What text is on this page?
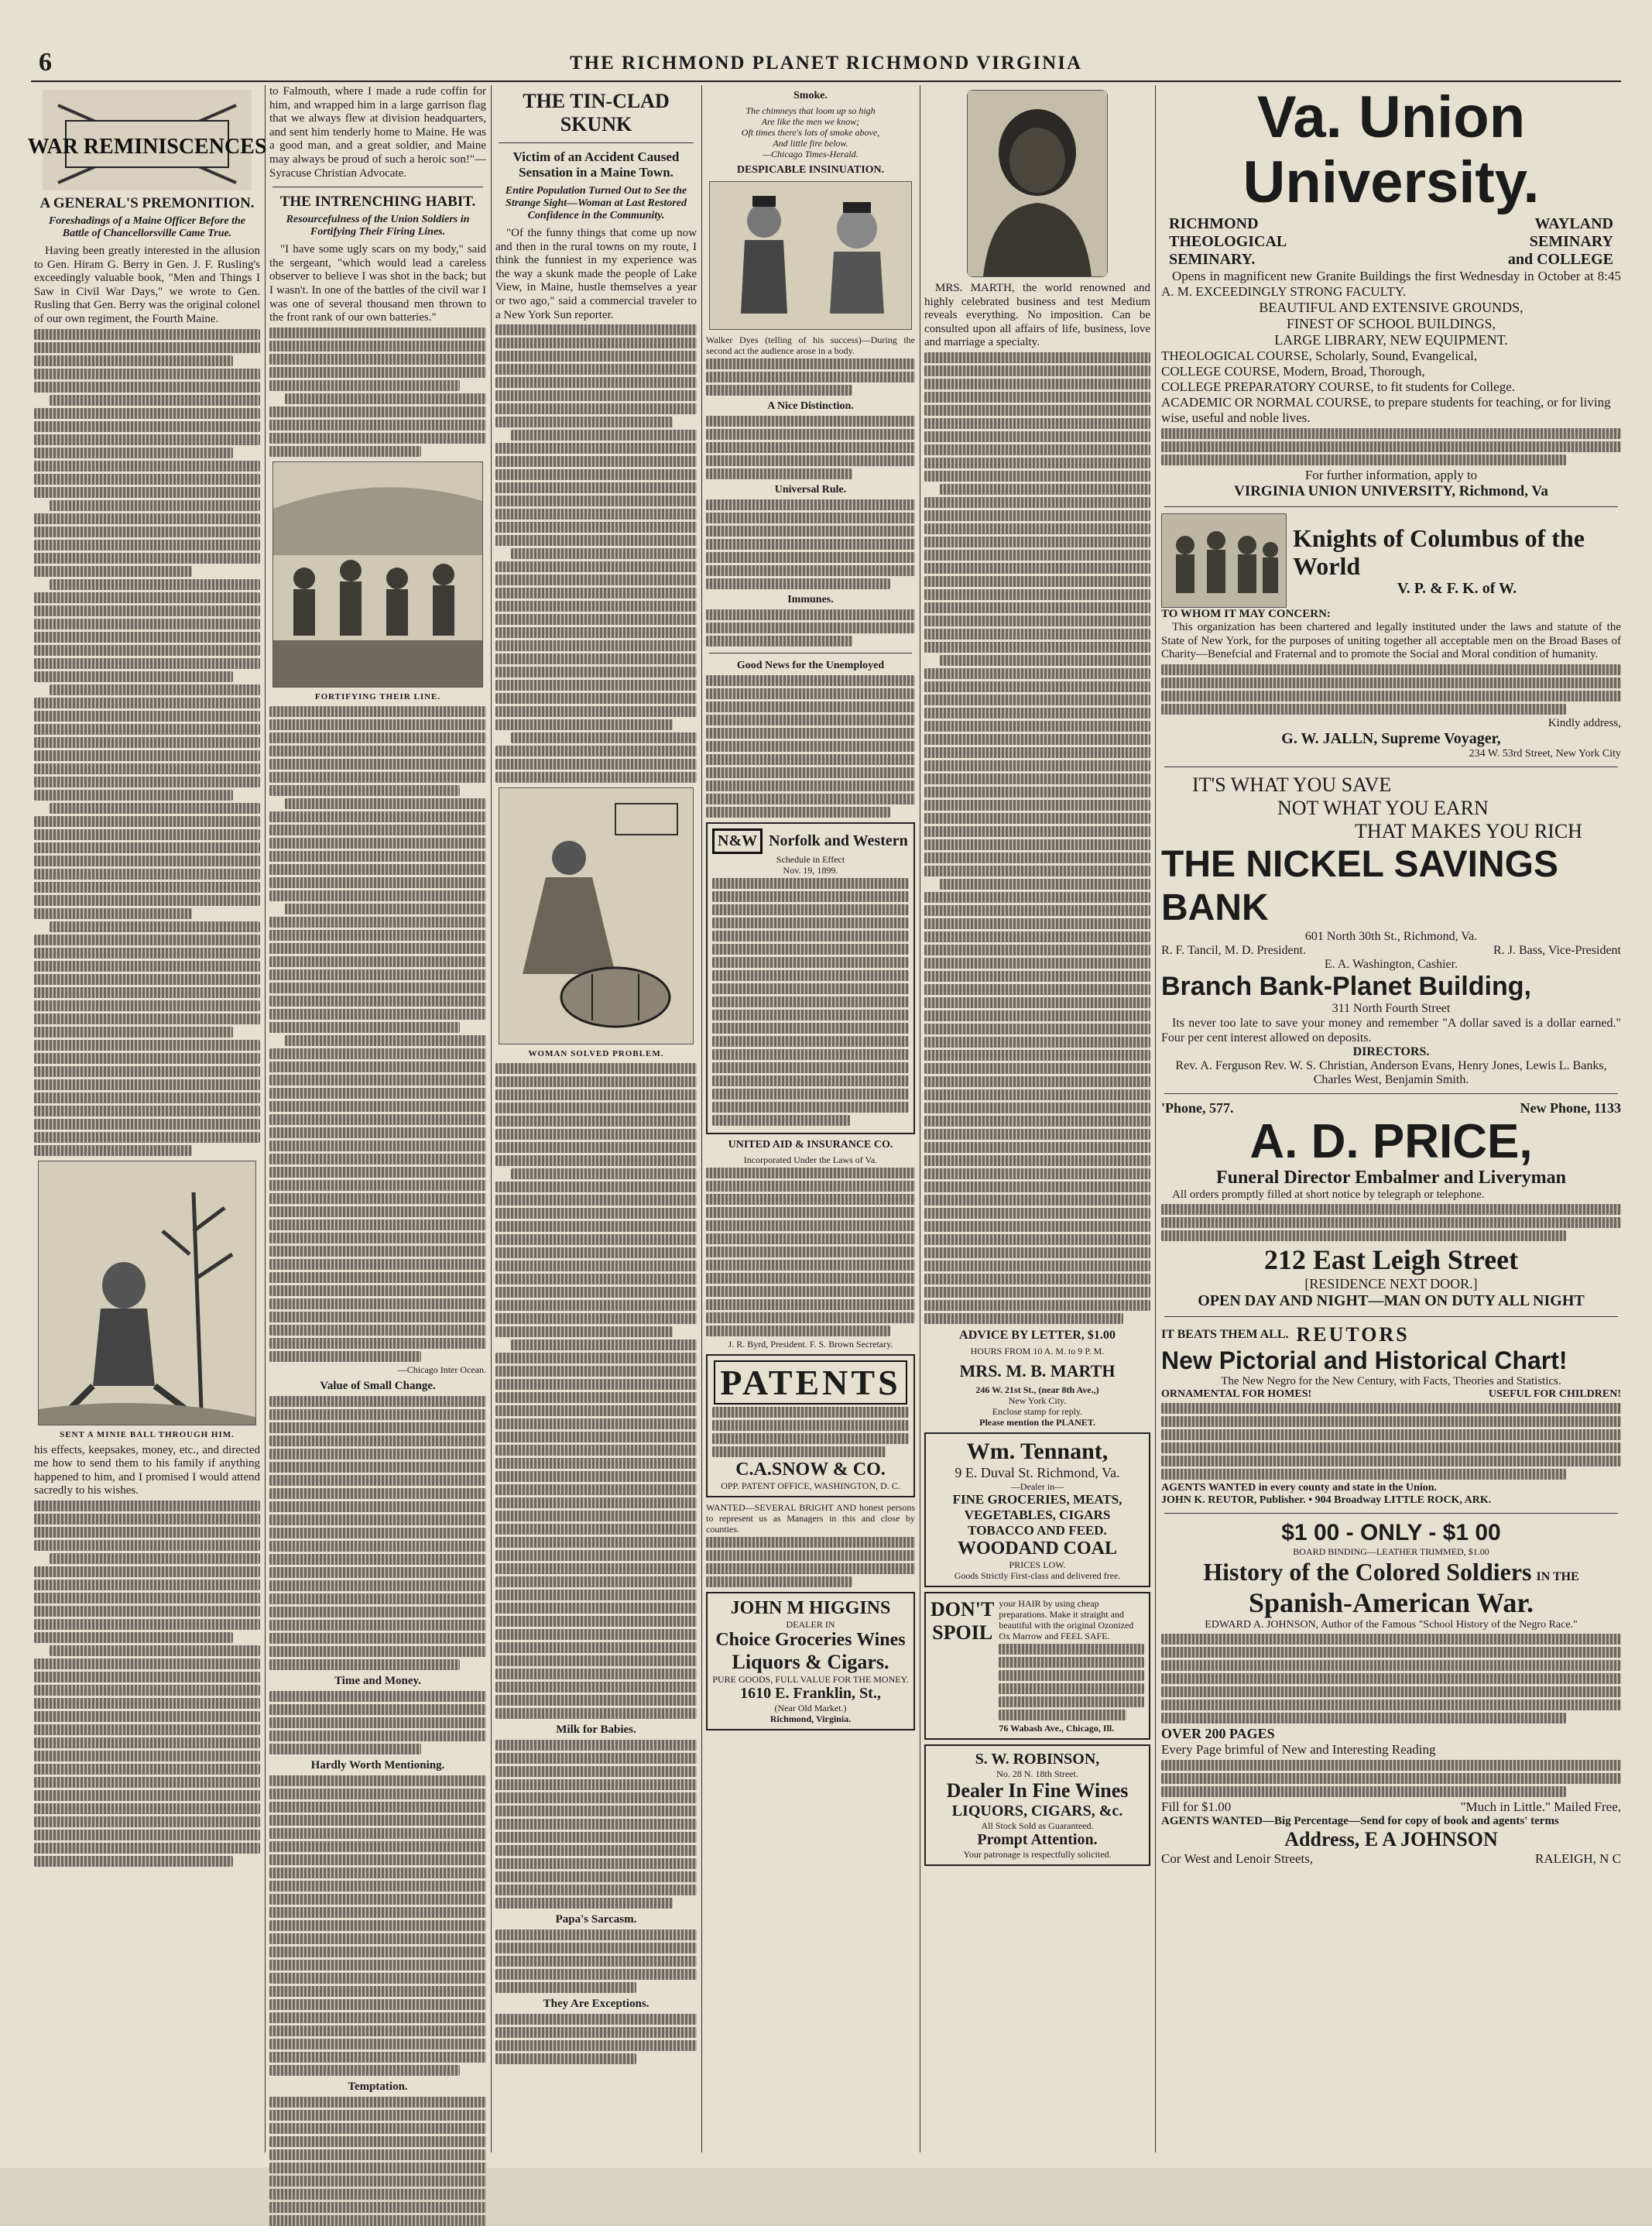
6	THE RICHMOND PLANET RICHMOND VIRGINIA
WAR REMINISCENCES
A GENERAL'S PREMONITION.
Foreshadings of a Maine Officer Before the Battle of Chancellorsville Came True.

Having been greatly interested in the allusion to Gen. Hiram G. Berry in Gen. J. F. Rusling's exceedingly valuable book, "Men and Things I Saw in Civil War Days," we wrote to Gen. Rusling that Gen. Berry was the original colonel of our own regiment, the Fourth Maine.

SENT A MINIE BALL THROUGH HIM.

his effects, keepsakes, money, etc., and directed me how to send them to his family if anything happened to him, and I promised I would attend sacredly to his wishes.

to Falmouth, where I made a rude coffin for him, and wrapped him in a large garrison flag that we always flew at division headquarters, and sent him tenderly home to Maine. He was a good man, and a great soldier, and Maine may always be proud of such a heroic son!"—Syracuse Christian Advocate.

THE INTRENCHING HABIT.
Resourcefulness of the Union Soldiers in Fortifying Their Firing Lines.

"I have some ugly scars on my body," said the sergeant, "which would lead a careless observer to believe I was shot in the back; but I wasn't. In one of the battles of the civil war I was one of several thousand men thrown to the front rank of our own batteries."

FORTIFYING THEIR LINE.
—Chicago Inter Ocean.
Value of Small Change.
Time and Money.
Hardly Worth Mentioning.
Temptation.
THE TIN-CLAD SKUNK
Victim of an Accident Caused Sensation in a Maine Town.
Entire Population Turned Out to See the Strange Sight—Woman at Last Restored Confidence in the Community.

"Of the funny things that come up now and then in the rural towns on my route, I think the funniest in my experience was the way a skunk made the people of Lake View, in Maine, hustle themselves a year or two ago," said a commercial traveler to a New York Sun reporter.

WOMAN SOLVED PROBLEM.
Milk for Babies.
Papa's Sarcasm.
They Are Exceptions.
Smoke.
The chimneys that loom up so high
Are like the men we know;
Oft times there's lots of smoke above,
And little fire below.
—Chicago Times-Herald.
DESPICABLE INSINUATION.

Walker Dyes (telling of his success)—During the second act the audience arose in a body.

A Nice Distinction.
Universal Rule.
Immunes.
Good News for the Unemployed
N&W Norfolk and Western
Schedule in Effect
Nov. 19, 1899.
UNITED AID & INSURANCE CO.
Incorporated Under the Laws of Va.
J. R. Byrd, President. F. S. Brown Secretary.
PATENTS
C.A.SNOW & CO.
OPP. PATENT OFFICE, WASHINGTON, D. C.

WANTED—SEVERAL BRIGHT AND honest persons to represent us as Managers in this and close by counties.

JOHN M HIGGINS
DEALER IN
Choice Groceries Wines
Liquors & Cigars.
PURE GOODS, FULL VALUE FOR THE MONEY.
1610 E. Franklin, St.,
(Near Old Market.)
Richmond, Virginia.

MRS. MARTH, the world renowned and highly celebrated business and test Medium reveals everything. No imposition. Can be consulted upon all affairs of life, business, love and marriage a specialty.

ADVICE BY LETTER, $1.00
HOURS FROM 10 A. M. to 9 P. M.
MRS. M. B. MARTH
246 W. 21st St., (near 8th Ave.,)
New York City.
Enclose stamp for reply.
Please mention the PLANET.
Wm. Tennant,
9 E. Duval St. Richmond, Va.
—Dealer in—
FINE GROCERIES, MEATS,
VEGETABLES, CIGARS
TOBACCO AND FEED.
WOODAND COAL
PRICES LOW.
Goods Strictly First-class and delivered free.
DON'T
SPOIL
your HAIR by using cheap preparations. Make it straight and beautiful with the original Ozonized Ox Marrow and FEEL SAFE.
76 Wabash Ave., Chicago, Ill.
S. W. ROBINSON,
No. 28 N. 18th Street.
Dealer In Fine Wines
LIQUORS, CIGARS, &c.
All Stock Sold as Guaranteed.
Prompt Attention.
Your patronage is respectfully solicited.
Va. Union University.
RICHMOND
THEOLOGICAL
SEMINARY.
WAYLAND
SEMINARY
and COLLEGE

Opens in magnificent new Granite Buildings the first Wednesday in October at 8:45 A. M. EXCEEDINGLY STRONG FACULTY.

BEAUTIFUL AND EXTENSIVE GROUNDS,
FINEST OF SCHOOL BUILDINGS,
LARGE LIBRARY, NEW EQUIPMENT.
THEOLOGICAL COURSE, Scholarly, Sound, Evangelical,
COLLEGE COURSE, Modern, Broad, Thorough,
COLLEGE PREPARATORY COURSE, to fit students for College.
ACADEMIC OR NORMAL COURSE, to prepare students for teaching, or for living wise, useful and noble lives.
For further information, apply to
VIRGINIA UNION UNIVERSITY, Richmond, Va
Knights of Columbus of the World
V. P. & F. K. of W.
TO WHOM IT MAY CONCERN:

This organization has been chartered and legally instituted under the laws and statute of the State of New York, for the purposes of uniting together all acceptable men on the Broad Bases of Charity—Benefcial and Fraternal and to promote the Social and Moral condition of humanity.

Kindly address,
G. W. JALLN, Supreme Voyager,
234 W. 53rd Street, New York City
IT'S WHAT YOU SAVE
NOT WHAT YOU EARN
THAT MAKES YOU RICH
THE NICKEL SAVINGS BANK
601 North 30th St., Richmond, Va.
R. F. Tancil, M. D. President.	R. J. Bass, Vice-President
E. A. Washington, Cashier.
Branch Bank-Planet Building,
311 North Fourth Street

Its never too late to save your money and remember "A dollar saved is a dollar earned." Four per cent interest allowed on deposits.

DIRECTORS.
Rev. A. Ferguson Rev. W. S. Christian, Anderson Evans, Henry Jones, Lewis L. Banks, Charles West, Benjamin Smith.
'Phone, 577.	New Phone, 1133
A. D. PRICE,
Funeral Director Embalmer and Liveryman

All orders promptly filled at short notice by telegraph or telephone.

212 East Leigh Street
[RESIDENCE NEXT DOOR.]
OPEN DAY AND NIGHT—MAN ON DUTY ALL NIGHT
IT BEATS THEM ALL. REUTORS
New Pictorial and Historical Chart!
The New Negro for the New Century, with Facts, Theories and Statistics.
ORNAMENTAL FOR HOMES!	USEFUL FOR CHILDREN!
AGENTS WANTED in every county and state in the Union.
JOHN K. REUTOR, Publisher. • 904 Broadway LITTLE ROCK, ARK.
$1 00 - ONLY - $1 00
BOARD BINDING—LEATHER TRIMMED, $1.00
History of the Colored Soldiers IN THE
Spanish-American War.
EDWARD A. JOHNSON, Author of the Famous "School History of the Negro Race."
OVER 200 PAGES
Every Page brimful of New and Interesting Reading
Fill for $1.00	"Much in Little." Mailed Free,
AGENTS WANTED—Big Percentage—Send for copy of book and agents' terms
Address, E A JOHNSON
Cor West and Lenoir Streets,	RALEIGH, N C
